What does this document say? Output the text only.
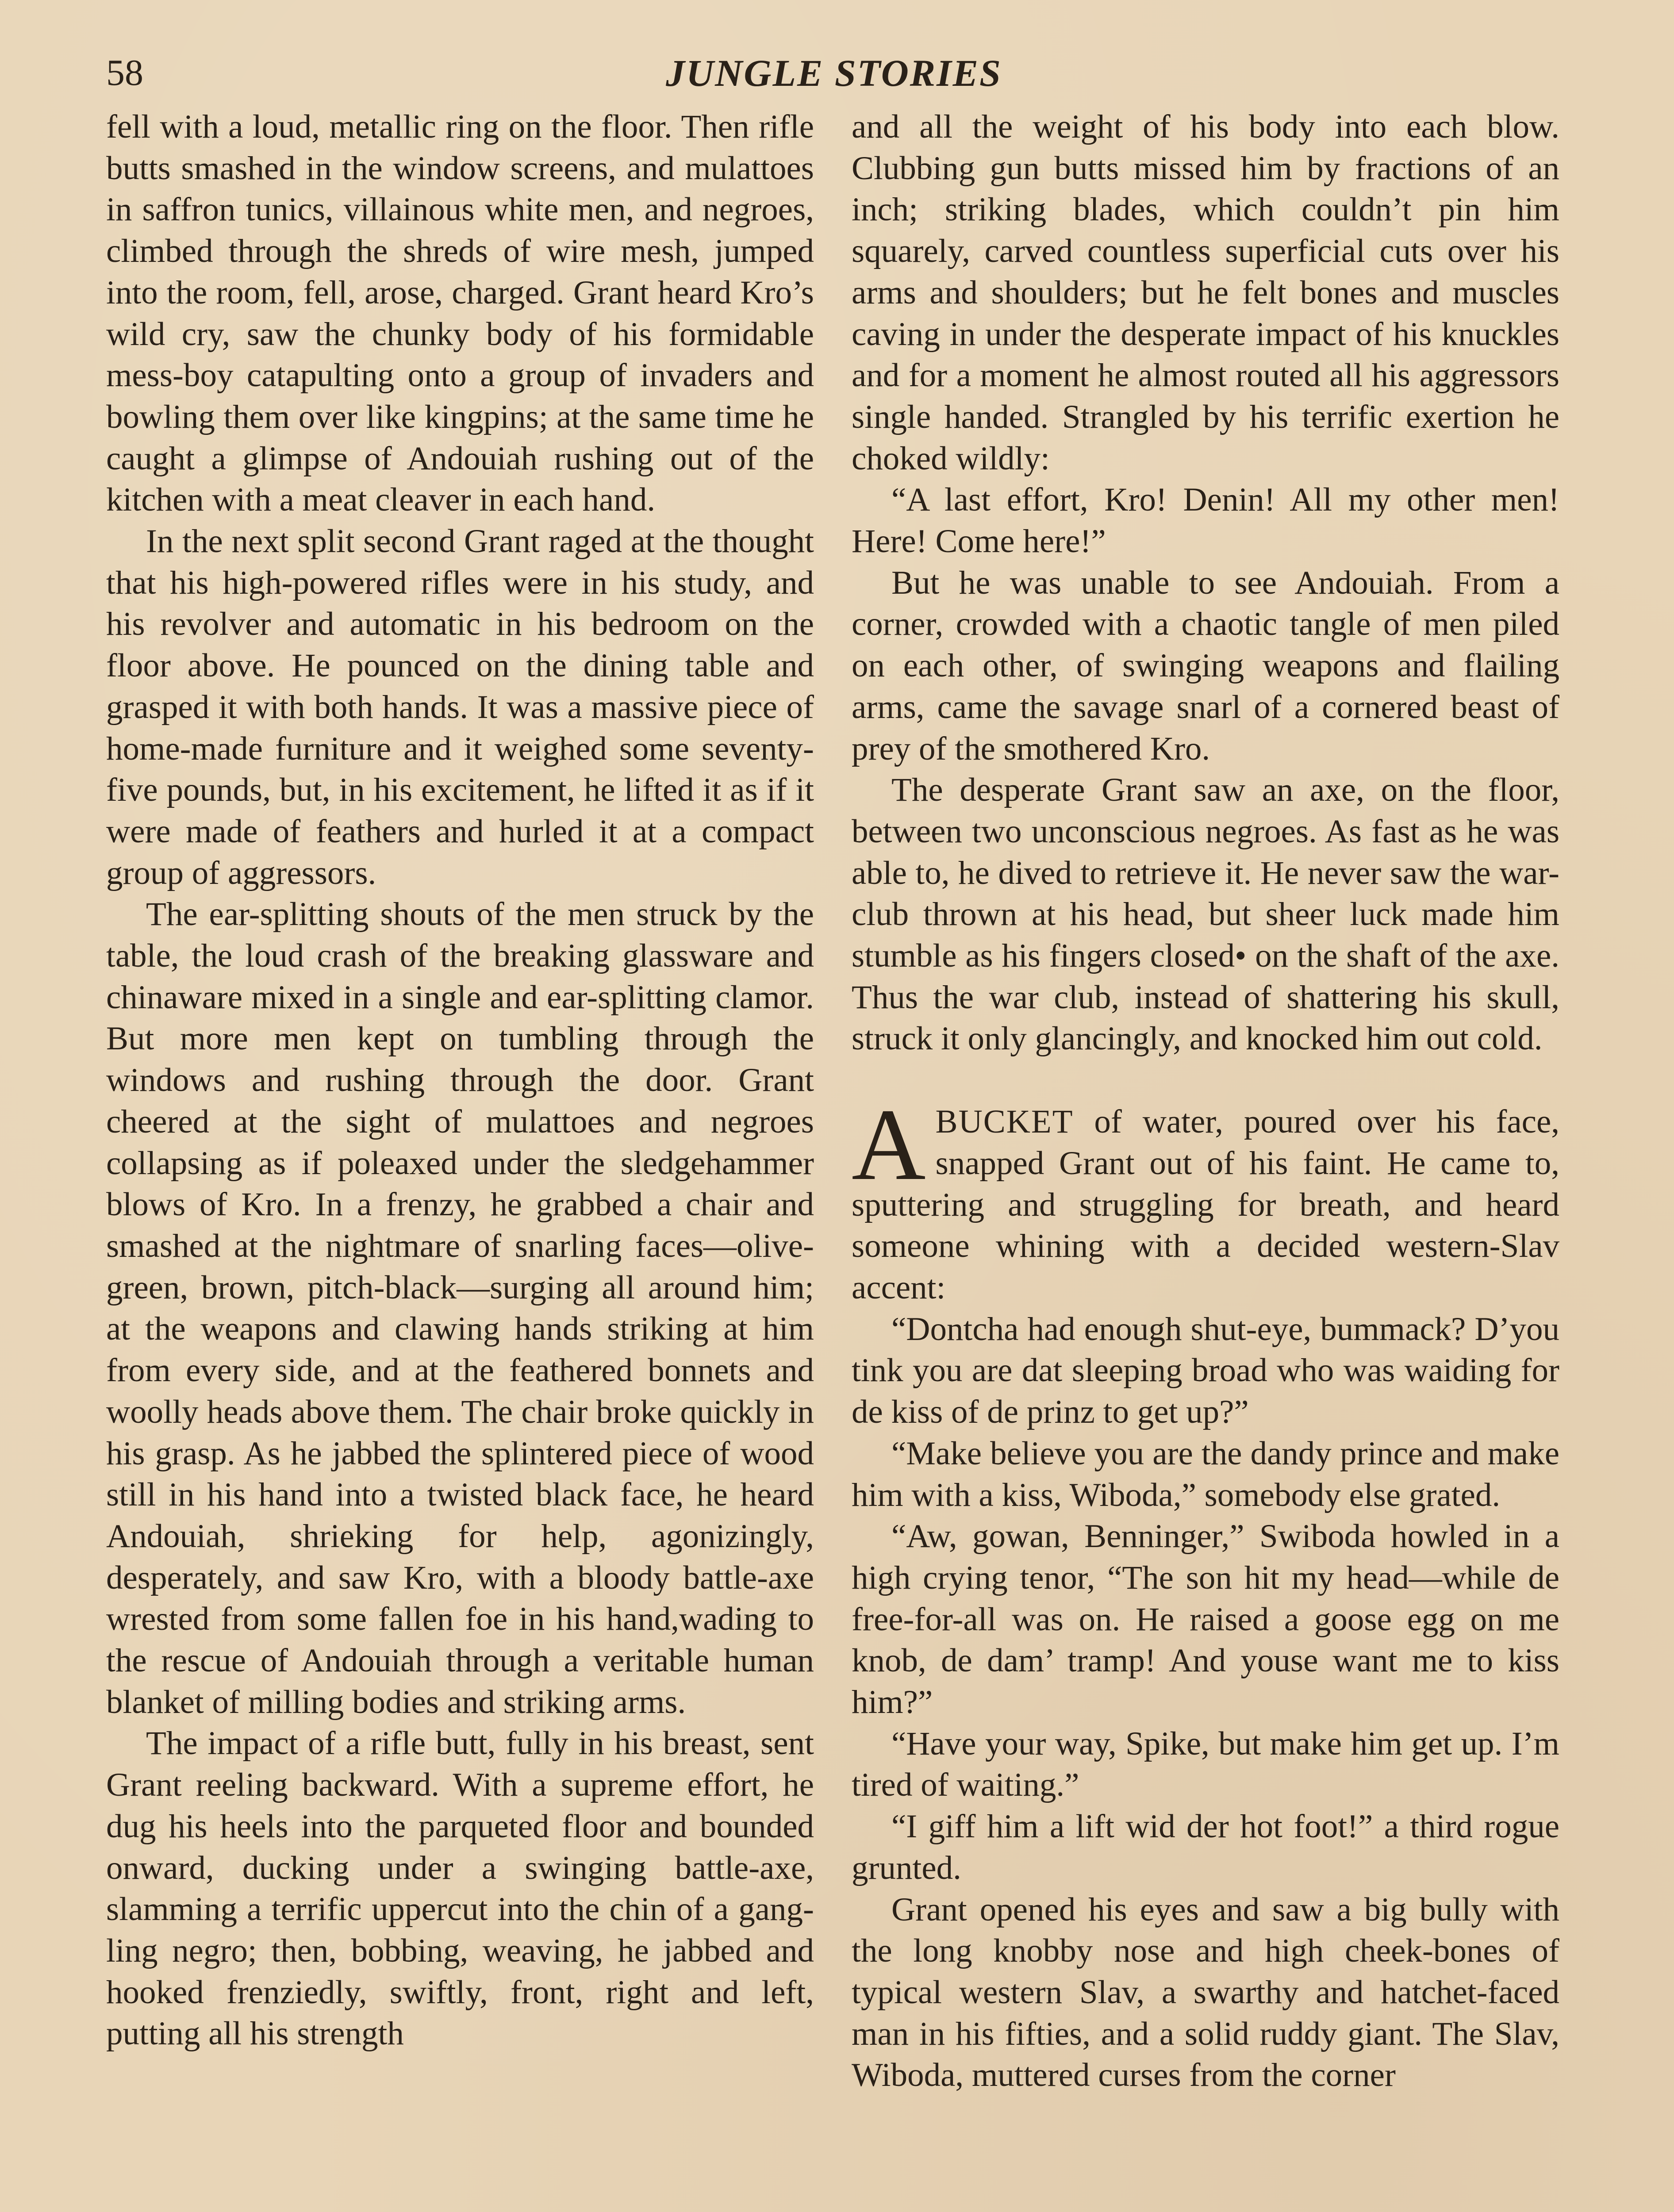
58	JUNGLE STORIES

fell with a loud, metallic ring on the floor. Then rifle butts smashed in the window screens, and mulattoes in saffron tunics, villainous white men, and negroes, climbed through the shreds of wire mesh, jumped into the room, fell, arose, charged. Grant heard Kro’s wild cry, saw the chunky body of his formidable mess-boy catapulting onto a group of invaders and bowling them over like kingpins; at the same time he caught a glimpse of Andouiah rushing out of the kitchen with a meat cleaver in each hand.

In the next split second Grant raged at the thought that his high-powered rifles were in his study, and his revolver and automatic in his bedroom on the floor above. He pounced on the dining table and grasped it with both hands. It was a massive piece of home-made furniture and it weighed some seventy-five pounds, but, in his excitement, he lifted it as if it were made of feathers and hurled it at a compact group of aggressors.

The ear-splitting shouts of the men struck by the table, the loud crash of the breaking glassware and chinaware mixed in a single and ear-splitting clamor. But more men kept on tumbling through the windows and rushing through the door. Grant cheered at the sight of mulattoes and negroes collapsing as if poleaxed under the sledgehammer blows of Kro. In a frenzy, he grabbed a chair and smashed at the nightmare of snarling faces—olive-green, brown, pitch-black—surging all around him; at the weapons and clawing hands striking at him from every side, and at the feathered bonnets and woolly heads above them. The chair broke quickly in his grasp. As he jabbed the splintered piece of wood still in his hand into a twisted black face, he heard Andouiah, shrieking for help, agonizingly, desperately, and saw Kro, with a bloody battle-axe wrested from some fallen foe in his hand,wading to the rescue of Andouiah through a veritable human blanket of milling bodies and striking arms.

The impact of a rifle butt, fully in his breast, sent Grant reeling backward. With a supreme effort, he dug his heels into the parqueted floor and bounded onward, ducking under a swinging battle-axe, slamming a terrific uppercut into the chin of a gangling negro; then, bobbing, weaving, he jabbed and hooked frenziedly, swiftly, front, right and left, putting all his strength

and all the weight of his body into each blow. Clubbing gun butts missed him by fractions of an inch; striking blades, which couldn’t pin him squarely, carved countless superficial cuts over his arms and shoulders; but he felt bones and muscles caving in under the desperate impact of his knuckles and for a moment he almost routed all his aggressors single handed. Strangled by his terrific exertion he choked wildly:

“A last effort, Kro! Denin! All my other men! Here! Come here!”

But he was unable to see Andouiah. From a corner, crowded with a chaotic tangle of men piled on each other, of swinging weapons and flailing arms, came the savage snarl of a cornered beast of prey of the smothered Kro.

The desperate Grant saw an axe, on the floor, between two unconscious negroes. As fast as he was able to, he dived to retrieve it. He never saw the war-club thrown at his head, but sheer luck made him stumble as his fingers closed• on the shaft of the axe. Thus the war club, instead of shattering his skull, struck it only glancingly, and knocked him out cold.

ABUCKET of water, poured over his face, snapped Grant out of his faint. He came to, sputtering and struggling for breath, and heard someone whining with a decided western-Slav accent:

“Dontcha had enough shut-eye, bummack? D’you tink you are dat sleeping broad who was waiding for de kiss of de prinz to get up?”

“Make believe you are the dandy prince and make him with a kiss, Wiboda,” somebody else grated.

“Aw, gowan, Benninger,” Swiboda howled in a high crying tenor, “The son hit my head—while de free-for-all was on. He raised a goose egg on me knob, de dam’ tramp! And youse want me to kiss him?”

“Have your way, Spike, but make him get up. I’m tired of waiting.”

“I giff him a lift wid der hot foot!” a third rogue grunted.

Grant opened his eyes and saw a big bully with the long knobby nose and high cheek-bones of typical western Slav, a swarthy and hatchet-faced man in his fifties, and a solid ruddy giant. The Slav, Wiboda, muttered curses from the corner
